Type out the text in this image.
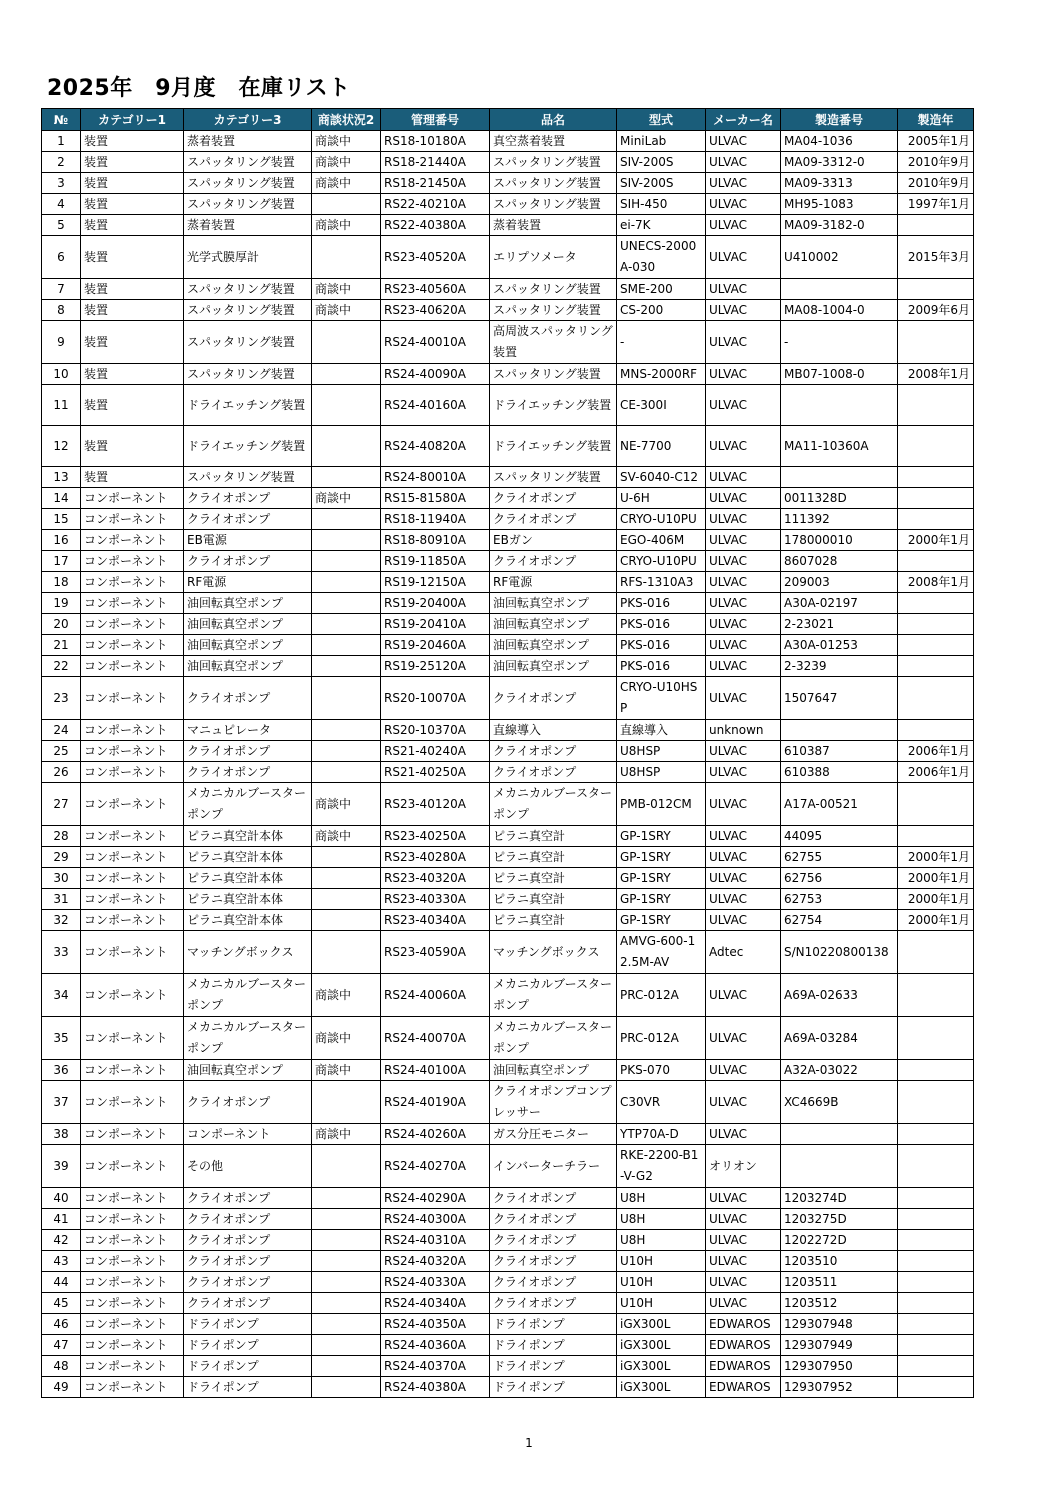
2025年　9月度　在庫リスト
№	カテゴリー1	カテゴリー3	商談状況2	管理番号	品名	型式	メーカー名	製造番号	製造年
1	装置	蒸着装置	商談中	RS18-10180A	真空蒸着装置	MiniLab	ULVAC	MA04-1036	2005年1月
2	装置	スパッタリング装置	商談中	RS18-21440A	スパッタリング装置	SIV-200S	ULVAC	MA09-3312-0	2010年9月
3	装置	スパッタリング装置	商談中	RS18-21450A	スパッタリング装置	SIV-200S	ULVAC	MA09-3313	2010年9月
4	装置	スパッタリング装置		RS22-40210A	スパッタリング装置	SIH-450	ULVAC	MH95-1083	1997年1月
5	装置	蒸着装置	商談中	RS22-40380A	蒸着装置	ei-7K	ULVAC	MA09-3182-0	
6	装置	光学式膜厚計		RS23-40520A	エリプソメータ	UNECS-2000A-030	ULVAC	U410002	2015年3月
7	装置	スパッタリング装置	商談中	RS23-40560A	スパッタリング装置	SME-200	ULVAC		
8	装置	スパッタリング装置	商談中	RS23-40620A	スパッタリング装置	CS-200	ULVAC	MA08-1004-0	2009年6月
9	装置	スパッタリング装置		RS24-40010A	高周波スパッタリング装置	-	ULVAC	-	
10	装置	スパッタリング装置		RS24-40090A	スパッタリング装置	MNS-2000RF	ULVAC	MB07-1008-0	2008年1月
11	装置	ドライエッチング装置		RS24-40160A	ドライエッチング装置	CE-300I	ULVAC		
12	装置	ドライエッチング装置		RS24-40820A	ドライエッチング装置	NE-7700	ULVAC	MA11-10360A	
13	装置	スパッタリング装置		RS24-80010A	スパッタリング装置	SV-6040-C12	ULVAC		
14	コンポーネント	クライオポンプ	商談中	RS15-81580A	クライオポンプ	U-6H	ULVAC	0011328D	
15	コンポーネント	クライオポンプ		RS18-11940A	クライオポンプ	CRYO-U10PU	ULVAC	111392	
16	コンポーネント	EB電源		RS18-80910A	EBガン	EGO-406M	ULVAC	178000010	2000年1月
17	コンポーネント	クライオポンプ		RS19-11850A	クライオポンプ	CRYO-U10PU	ULVAC	8607028	
18	コンポーネント	RF電源		RS19-12150A	RF電源	RFS-1310A3	ULVAC	209003	2008年1月
19	コンポーネント	油回転真空ポンプ		RS19-20400A	油回転真空ポンプ	PKS-016	ULVAC	A30A-02197	
20	コンポーネント	油回転真空ポンプ		RS19-20410A	油回転真空ポンプ	PKS-016	ULVAC	2-23021	
21	コンポーネント	油回転真空ポンプ		RS19-20460A	油回転真空ポンプ	PKS-016	ULVAC	A30A-01253	
22	コンポーネント	油回転真空ポンプ		RS19-25120A	油回転真空ポンプ	PKS-016	ULVAC	2-3239	
23	コンポーネント	クライオポンプ		RS20-10070A	クライオポンプ	CRYO-U10HSP	ULVAC	1507647	
24	コンポーネント	マニュピレータ		RS20-10370A	直線導入	直線導入	unknown		
25	コンポーネント	クライオポンプ		RS21-40240A	クライオポンプ	U8HSP	ULVAC	610387	2006年1月
26	コンポーネント	クライオポンプ		RS21-40250A	クライオポンプ	U8HSP	ULVAC	610388	2006年1月
27	コンポーネント	メカニカルブースターポンプ	商談中	RS23-40120A	メカニカルブースターポンプ	PMB-012CM	ULVAC	A17A-00521	
28	コンポーネント	ピラニ真空計本体	商談中	RS23-40250A	ピラニ真空計	GP-1SRY	ULVAC	44095	
29	コンポーネント	ピラニ真空計本体		RS23-40280A	ピラニ真空計	GP-1SRY	ULVAC	62755	2000年1月
30	コンポーネント	ピラニ真空計本体		RS23-40320A	ピラニ真空計	GP-1SRY	ULVAC	62756	2000年1月
31	コンポーネント	ピラニ真空計本体		RS23-40330A	ピラニ真空計	GP-1SRY	ULVAC	62753	2000年1月
32	コンポーネント	ピラニ真空計本体		RS23-40340A	ピラニ真空計	GP-1SRY	ULVAC	62754	2000年1月
33	コンポーネント	マッチングボックス		RS23-40590A	マッチングボックス	AMVG-600-12.5M-AV	Adtec	S/N10220800138	
34	コンポーネント	メカニカルブースターポンプ	商談中	RS24-40060A	メカニカルブースターポンプ	PRC-012A	ULVAC	A69A-02633	
35	コンポーネント	メカニカルブースターポンプ	商談中	RS24-40070A	メカニカルブースターポンプ	PRC-012A	ULVAC	A69A-03284	
36	コンポーネント	油回転真空ポンプ	商談中	RS24-40100A	油回転真空ポンプ	PKS-070	ULVAC	A32A-03022	
37	コンポーネント	クライオポンプ		RS24-40190A	クライオポンプコンプレッサー	C30VR	ULVAC	XC4669B	
38	コンポーネント	コンポーネント	商談中	RS24-40260A	ガス分圧モニター	YTP70A-D	ULVAC		
39	コンポーネント	その他		RS24-40270A	インバーターチラー	RKE-2200-B1-V-G2	オリオン		
40	コンポーネント	クライオポンプ		RS24-40290A	クライオポンプ	U8H	ULVAC	1203274D	
41	コンポーネント	クライオポンプ		RS24-40300A	クライオポンプ	U8H	ULVAC	1203275D	
42	コンポーネント	クライオポンプ		RS24-40310A	クライオポンプ	U8H	ULVAC	1202272D	
43	コンポーネント	クライオポンプ		RS24-40320A	クライオポンプ	U10H	ULVAC	1203510	
44	コンポーネント	クライオポンプ		RS24-40330A	クライオポンプ	U10H	ULVAC	1203511	
45	コンポーネント	クライオポンプ		RS24-40340A	クライオポンプ	U10H	ULVAC	1203512	
46	コンポーネント	ドライポンプ		RS24-40350A	ドライポンプ	iGX300L	EDWAROS	129307948	
47	コンポーネント	ドライポンプ		RS24-40360A	ドライポンプ	iGX300L	EDWAROS	129307949	
48	コンポーネント	ドライポンプ		RS24-40370A	ドライポンプ	iGX300L	EDWAROS	129307950	
49	コンポーネント	ドライポンプ		RS24-40380A	ドライポンプ	iGX300L	EDWAROS	129307952	
1
